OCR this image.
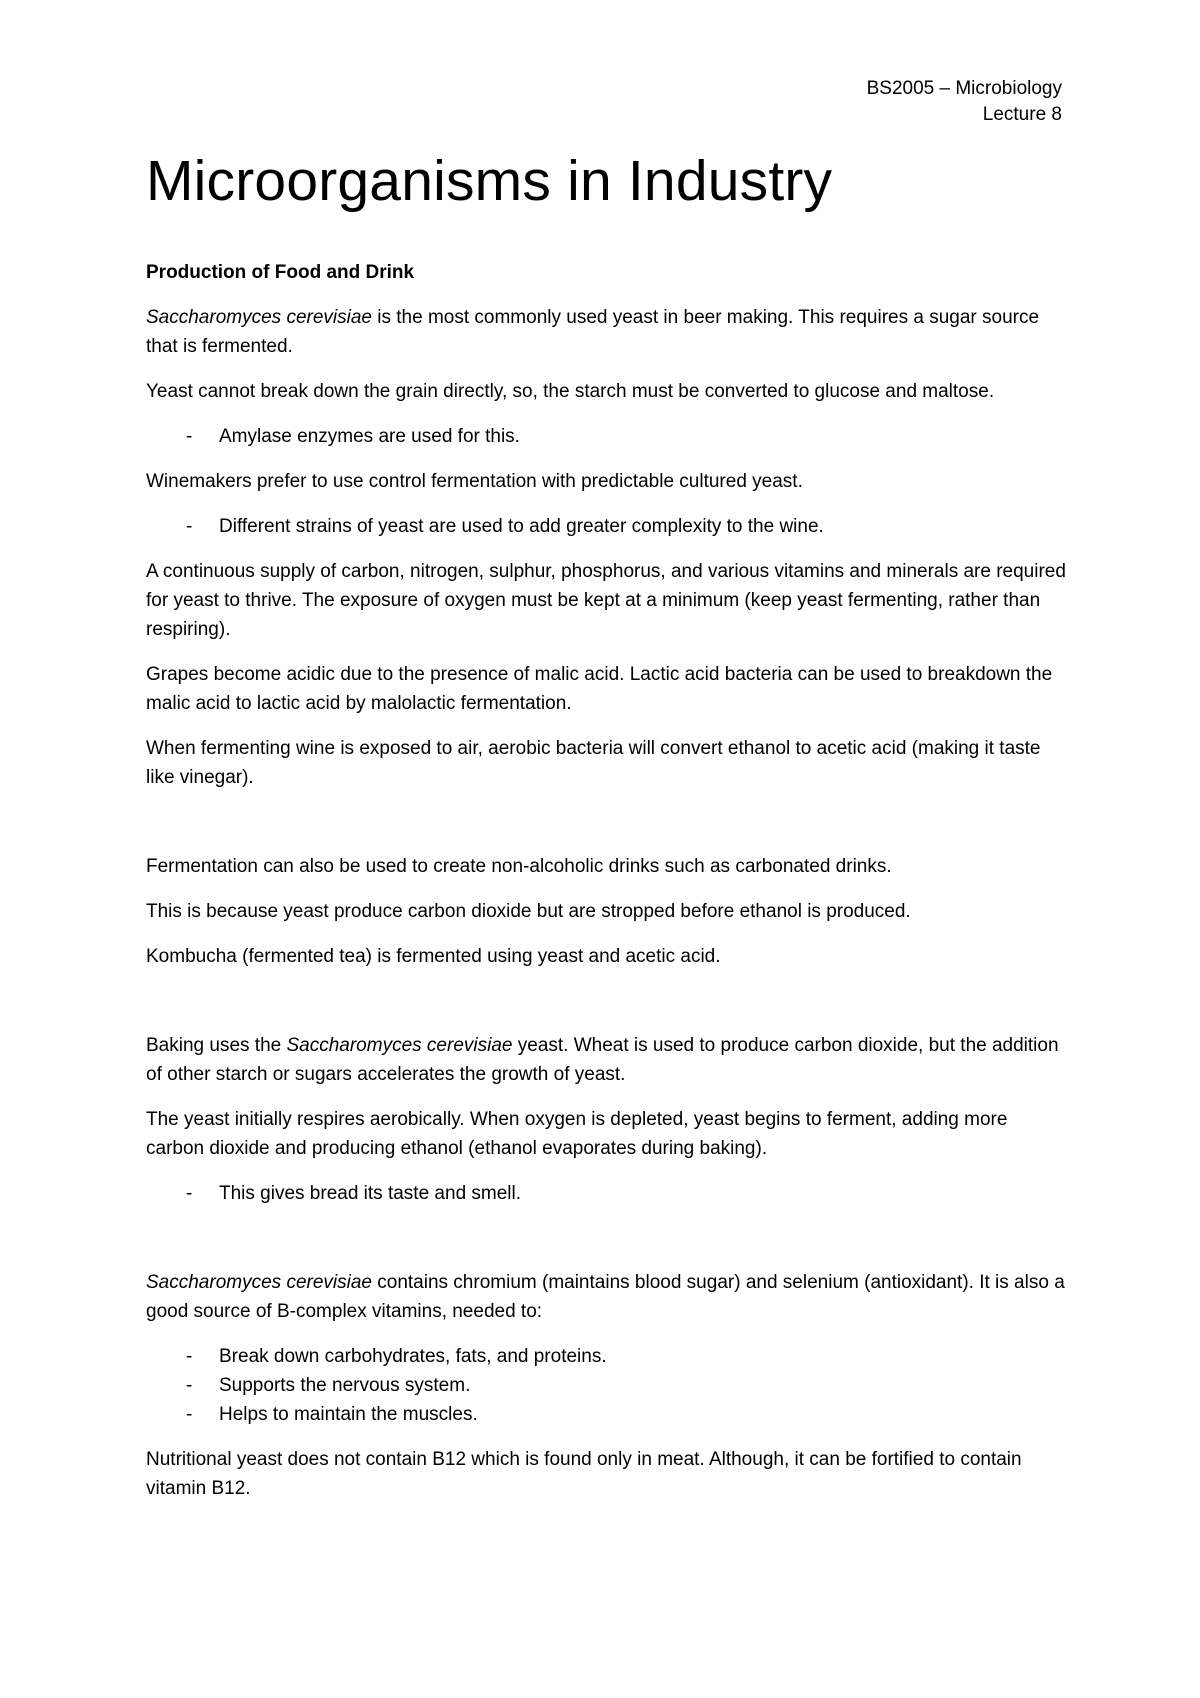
BS2005 – Microbiology
Lecture 8
Microorganisms in Industry

Production of Food and Drink

Saccharomyces cerevisiae is the most commonly used yeast in beer making. This requires a sugar source that is fermented.

Yeast cannot break down the grain directly, so, the starch must be converted to glucose and maltose.

- Amylase enzymes are used for this.

Winemakers prefer to use control fermentation with predictable cultured yeast.

- Different strains of yeast are used to add greater complexity to the wine.

A continuous supply of carbon, nitrogen, sulphur, phosphorus, and various vitamins and minerals are required for yeast to thrive. The exposure of oxygen must be kept at a minimum (keep yeast fermenting, rather than respiring).

Grapes become acidic due to the presence of malic acid. Lactic acid bacteria can be used to breakdown the malic acid to lactic acid by malolactic fermentation.

When fermenting wine is exposed to air, aerobic bacteria will convert ethanol to acetic acid (making it taste like vinegar).

Fermentation can also be used to create non-alcoholic drinks such as carbonated drinks.

This is because yeast produce carbon dioxide but are stropped before ethanol is produced.

Kombucha (fermented tea) is fermented using yeast and acetic acid.

Baking uses the Saccharomyces cerevisiae yeast. Wheat is used to produce carbon dioxide, but the addition of other starch or sugars accelerates the growth of yeast.

The yeast initially respires aerobically. When oxygen is depleted, yeast begins to ferment, adding more carbon dioxide and producing ethanol (ethanol evaporates during baking).

- This gives bread its taste and smell.

Saccharomyces cerevisiae contains chromium (maintains blood sugar) and selenium (antioxidant). It is also a good source of B-complex vitamins, needed to:

- Break down carbohydrates, fats, and proteins.
- Supports the nervous system.
- Helps to maintain the muscles.

Nutritional yeast does not contain B12 which is found only in meat. Although, it can be fortified to contain vitamin B12.
